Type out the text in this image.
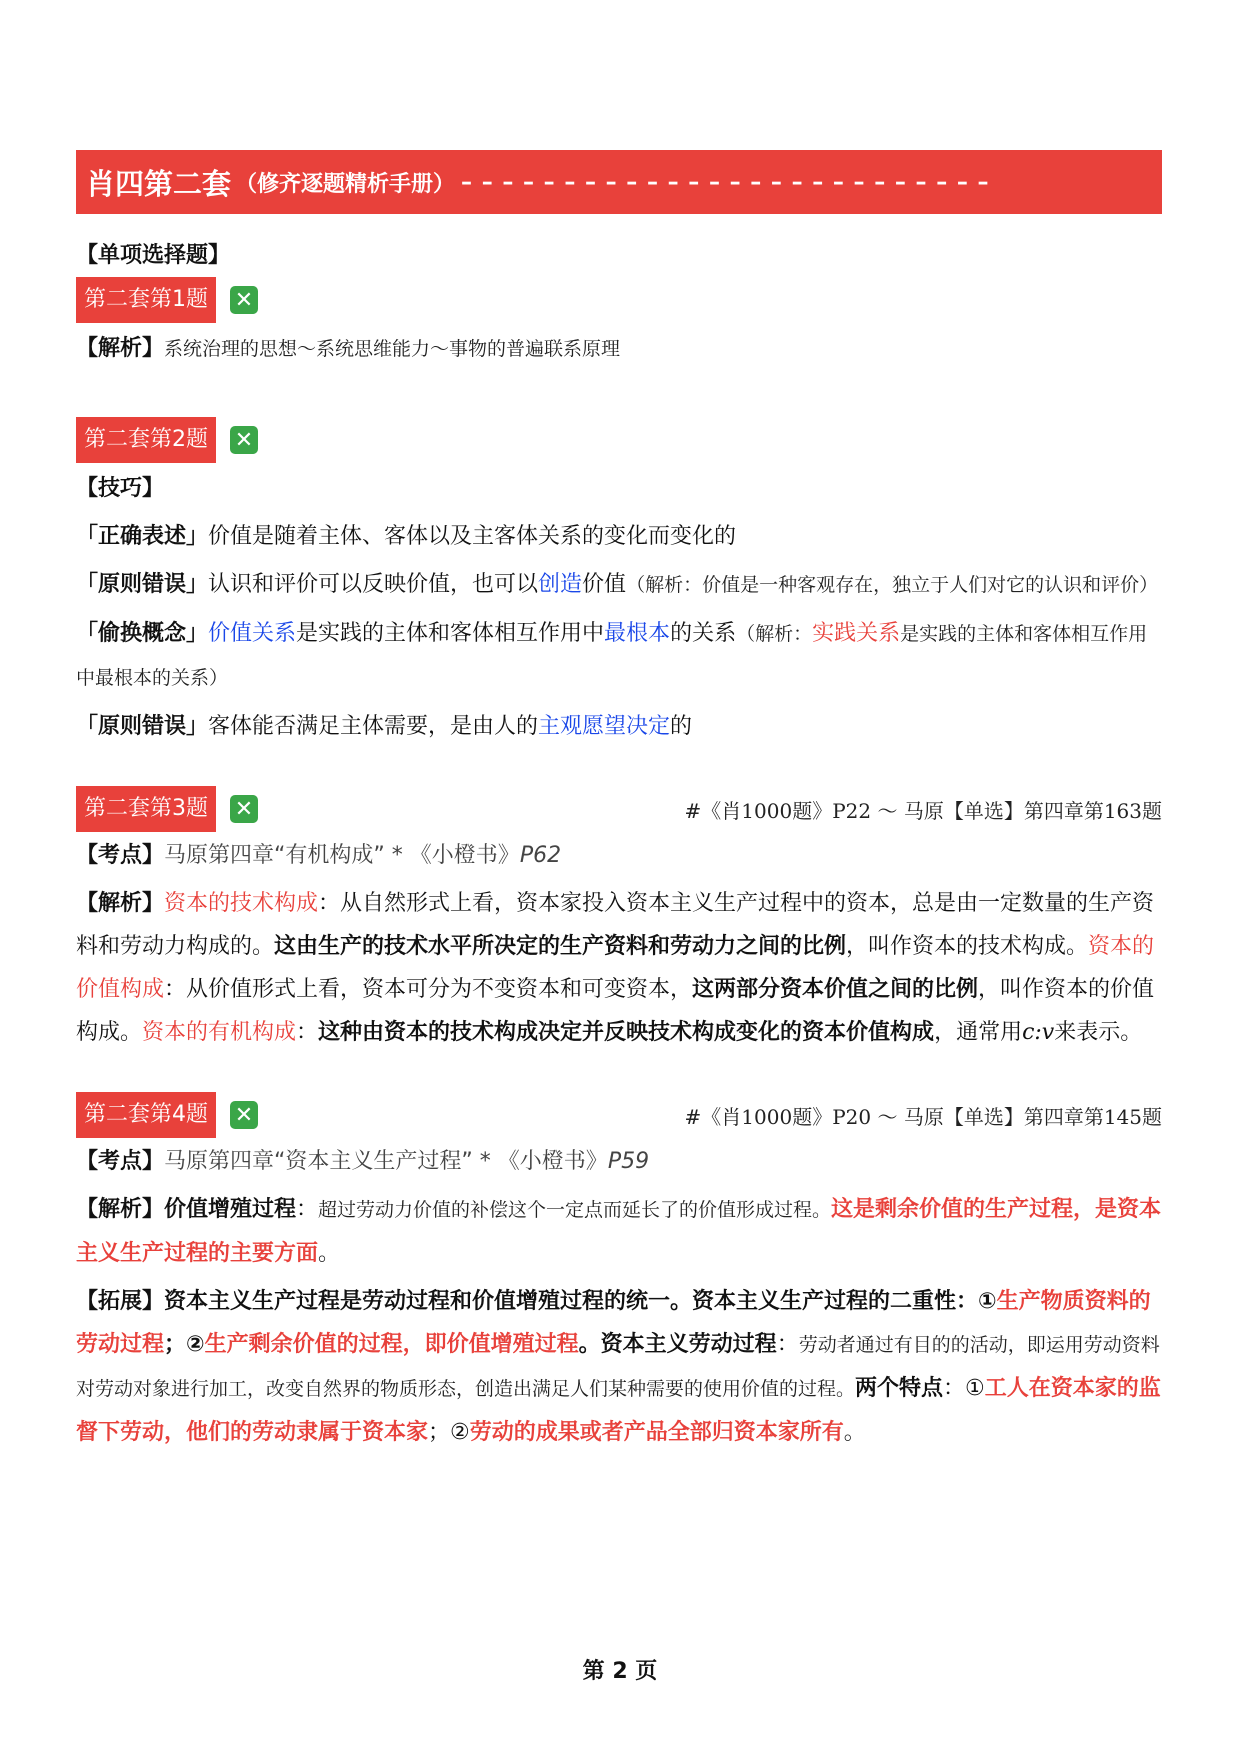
肖四第二套 （修齐逐题精析手册） – – – – – – – – – – – – – – – – – – – – – – – – – –

【单项选择题】

第二套第1题	✕

【解析】系统治理的思想～系统思维能力～事物的普遍联系原理

第二套第2题	✕

【技巧】

「正确表述」价值是随着主体、客体以及主客体关系的变化而变化的

「原则错误」认识和评价可以反映价值，也可以创造价值（解析：价值是一种客观存在，独立于人们对它的认识和评价）

「偷换概念」价值关系是实践的主体和客体相互作用中最根本的关系（解析：实践关系是实践的主体和客体相互作用中最根本的关系）

「原则错误」客体能否满足主体需要，是由人的主观愿望决定的

第二套第3题	✕	#《肖1000题》P22 ～ 马原【单选】第四章第163题

【考点】马原第四章“有机构成” * 《小橙书》P62

【解析】资本的技术构成：从自然形式上看，资本家投入资本主义生产过程中的资本，总是由一定数量的生产资料和劳动力构成的。这由生产的技术水平所决定的生产资料和劳动力之间的比例，叫作资本的技术构成。资本的价值构成：从价值形式上看，资本可分为不变资本和可变资本，这两部分资本价值之间的比例，叫作资本的价值构成。资本的有机构成：这种由资本的技术构成决定并反映技术构成变化的资本价值构成，通常用c:v来表示。

第二套第4题	✕	#《肖1000题》P20 ～ 马原【单选】第四章第145题

【考点】马原第四章“资本主义生产过程” * 《小橙书》P59

【解析】价值增殖过程：超过劳动力价值的补偿这个一定点而延长了的价值形成过程。这是剩余价值的生产过程，是资本主义生产过程的主要方面。

【拓展】资本主义生产过程是劳动过程和价值增殖过程的统一。资本主义生产过程的二重性：①生产物质资料的劳动过程；②生产剩余价值的过程，即价值增殖过程。资本主义劳动过程：劳动者通过有目的的活动，即运用劳动资料对劳动对象进行加工，改变自然界的物质形态，创造出满足人们某种需要的使用价值的过程。两个特点：①工人在资本家的监督下劳动，他们的劳动隶属于资本家；②劳动的成果或者产品全部归资本家所有。

第 2 页
